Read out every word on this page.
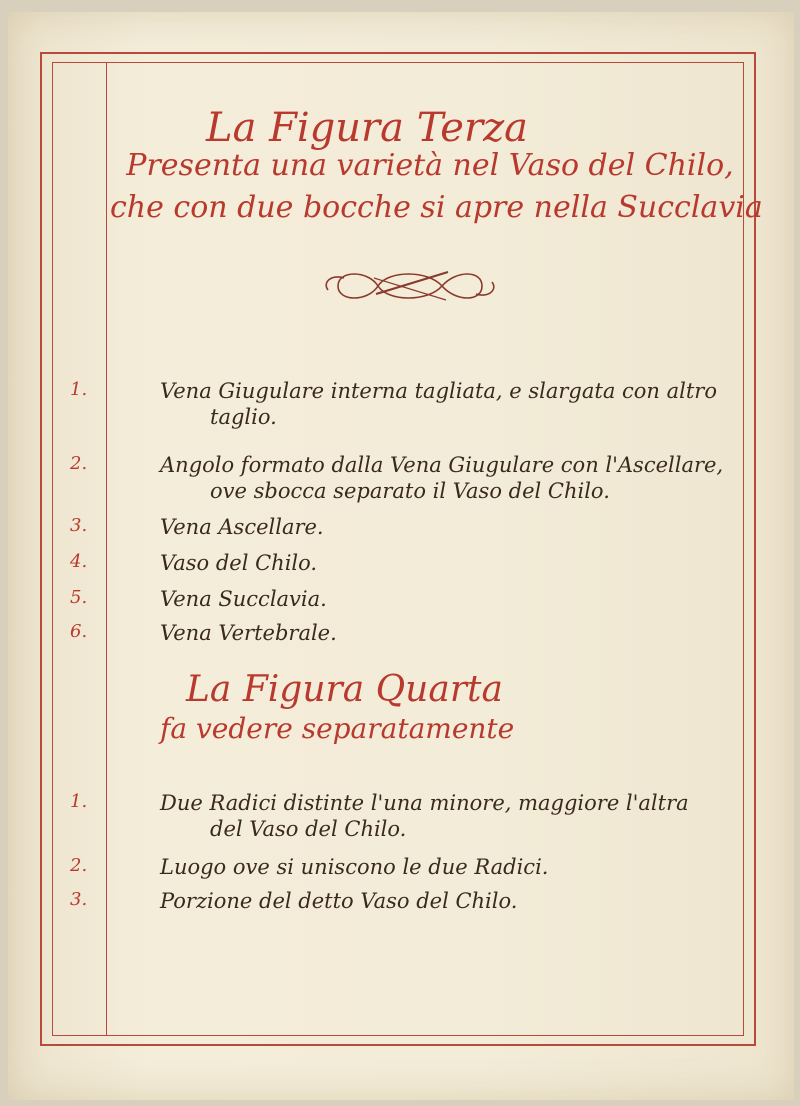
La Figura Terza
Presenta una varietà nel Vaso del Chilo,
che con due bocche si apre nella Succlavia
1.	Vena Giugulare interna tagliata, e slargata con altro
taglio.
2.	Angolo formato dalla Vena Giugulare con l'Ascellare,
ove sbocca separato il Vaso del Chilo.
3.	Vena Ascellare.
4.	Vaso del Chilo.
5.	Vena Succlavia.
6.	Vena Vertebrale.
La Figura Quarta
fa vedere separatamente
1.	Due Radici distinte l'una minore, maggiore l'altra
del Vaso del Chilo.
2.	Luogo ove si uniscono le due Radici.
3.	Porzione del detto Vaso del Chilo.
